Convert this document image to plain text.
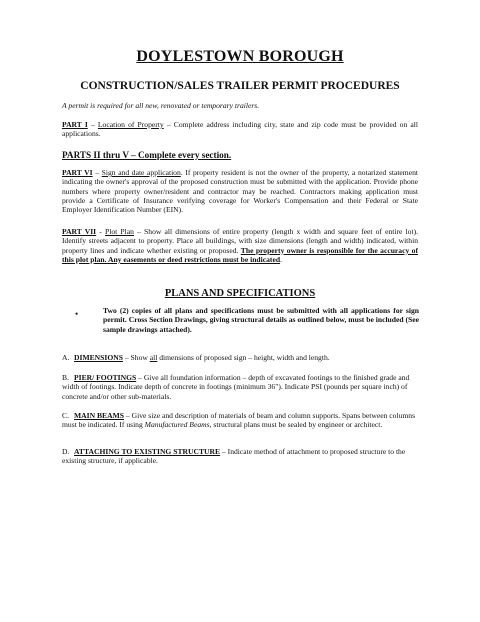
DOYLESTOWN BOROUGH
CONSTRUCTION/SALES TRAILER PERMIT PROCEDURES
A permit is required for all new, renovated or temporary trailers.
PART I – Location of Property – Complete address including city, state and zip code must be provided on all applications.
PARTS II thru V – Complete every section.
PART VI – Sign and date application. If property resident is not the owner of the property, a notarized statement indicating the owner's approval of the proposed construction must be submitted with the application. Provide phone numbers where property owner/resident and contractor may be reached. Contractors making application must provide a Certificate of Insurance verifying coverage for Worker's Compensation and their Federal or State Employer Identification Number (EIN).
PART VII - Plot Plan – Show all dimensions of entire property (length x width and square feet of entire lot). Identify streets adjacent to property. Place all buildings, with size dimensions (length and width) indicated, within property lines and indicate whether existing or proposed. The property owner is responsible for the accuracy of this plot plan. Any easements or deed restrictions must be indicated.
PLANS AND SPECIFICATIONS
•	Two (2) copies of all plans and specifications must be submitted with all applications for sign permit. Cross Section Drawings, giving structural details as outlined below, must be included (See sample drawings attached).
A. DIMENSIONS – Show all dimensions of proposed sign – height, width and length.
B. PIER/ FOOTINGS – Give all foundation information – depth of excavated footings to the finished grade and width of footings. Indicate depth of concrete in footings (minimum 36"). Indicate PSI (pounds per square inch) of concrete and/or other sub-materials.
C. MAIN BEAMS – Give size and description of materials of beam and column supports. Spans between columns must be indicated. If using Manufactured Beams, structural plans must be sealed by engineer or architect.
D. ATTACHING TO EXISTING STRUCTURE – Indicate method of attachment to proposed structure to the existing structure, if applicable.
